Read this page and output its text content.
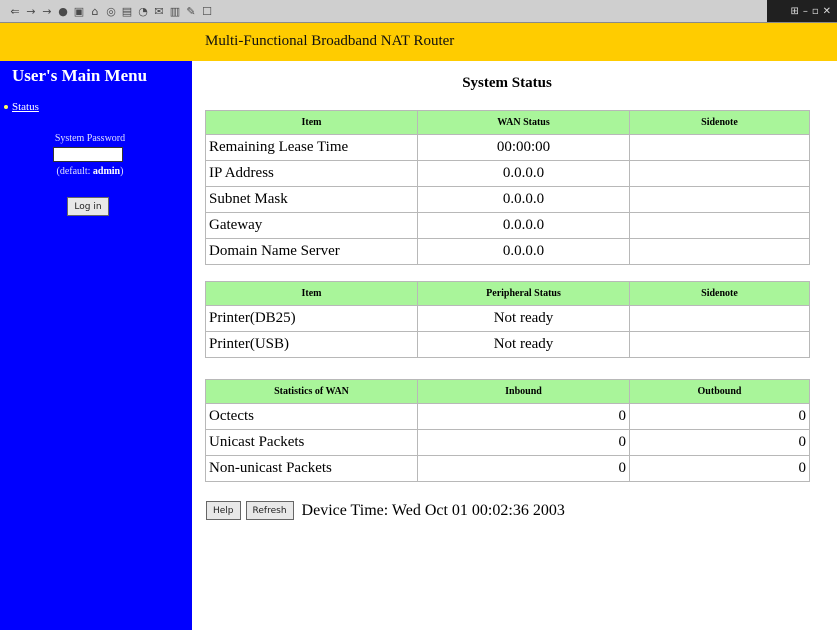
⇐ → → ● ▣ ⌂ ◎ ▤ ◔ ✉ ▥ ✎ ☐	⊞ – ▫ ✕
Multi-Functional Broadband NAT Router
User's Main Menu
Status
System Password
(default: admin)
Log in
System Status
Item	WAN Status	Sidenote
Remaining Lease Time	00:00:00	
IP Address	0.0.0.0	
Subnet Mask	0.0.0.0	
Gateway	0.0.0.0	
Domain Name Server	0.0.0.0	
Item	Peripheral Status	Sidenote
Printer(DB25)	Not ready	
Printer(USB)	Not ready	
Statistics of WAN	Inbound	Outbound
Octects	0	0
Unicast Packets	0	0
Non-unicast Packets	0	0
Help	Refresh Device Time: Wed Oct 01 00:02:36 2003
